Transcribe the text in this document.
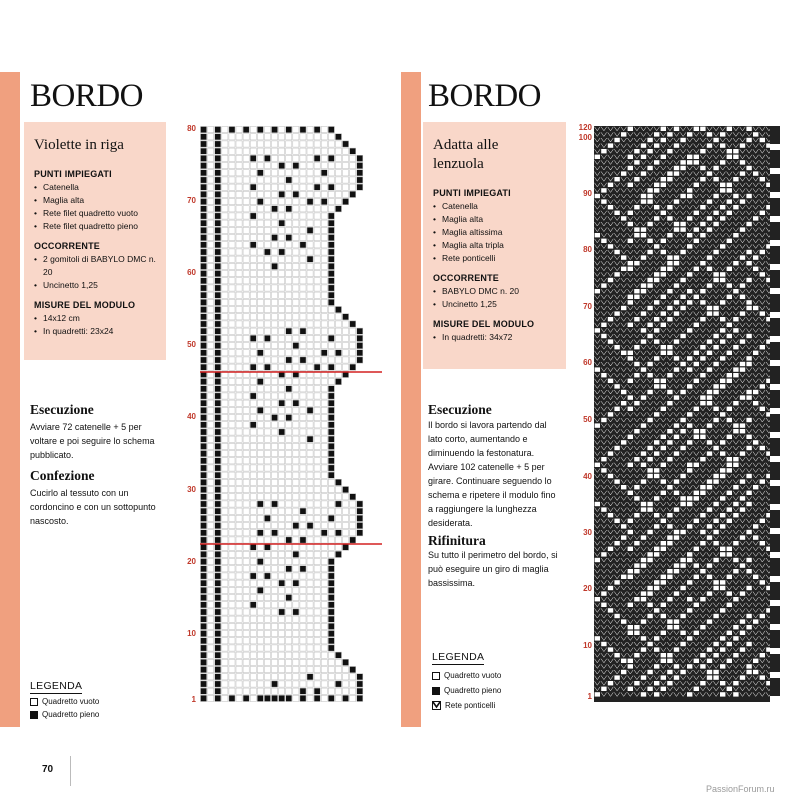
BORDO
Violette in riga
PUNTI IMPIEGATI
• Catenella
• Maglia alta
• Rete filet quadretto vuoto
• Rete filet quadretto pieno
OCCORRENTE
• 2 gomitoli di BABYLO DMC n. 20
• Uncinetto 1,25
MISURE DEL MODULO
• 14x12 cm
• In quadretti: 23x24
Esecuzione

Avviare 72 catenelle + 5 per voltare e poi seguire lo schema pubblicato.

Confezione

Cucirlo al tessuto con un cordoncino e con un sottopunto nascosto.

LEGENDA
Quadretto vuoto
Quadretto pieno
80
70
60
50
40
30
20
10
1
BORDO
Adatta alle lenzuola
PUNTI IMPIEGATI
• Catenella
• Maglia alta
• Maglia altissima
• Maglia alta tripla
• Rete ponticelli
OCCORRENTE
• BABYLO DMC n. 20
• Uncinetto 1,25
MISURE DEL MODULO
• In quadretti: 34x72
Esecuzione

Il bordo si lavora partendo dal lato corto, aumentando e diminuendo la festonatura. Avviare 102 catenelle + 5 per girare. Continuare seguendo lo schema e ripetere il modulo fino a raggiungere la lunghezza desiderata.

Rifinitura

Su tutto il perimetro del bordo, si può eseguire un giro di maglia bassissima.

LEGENDA
Quadretto vuoto
Quadretto pieno
Rete ponticelli
120
100
90
80
70
60
50
40
30
20
10
1
70
PassionForum.ru
